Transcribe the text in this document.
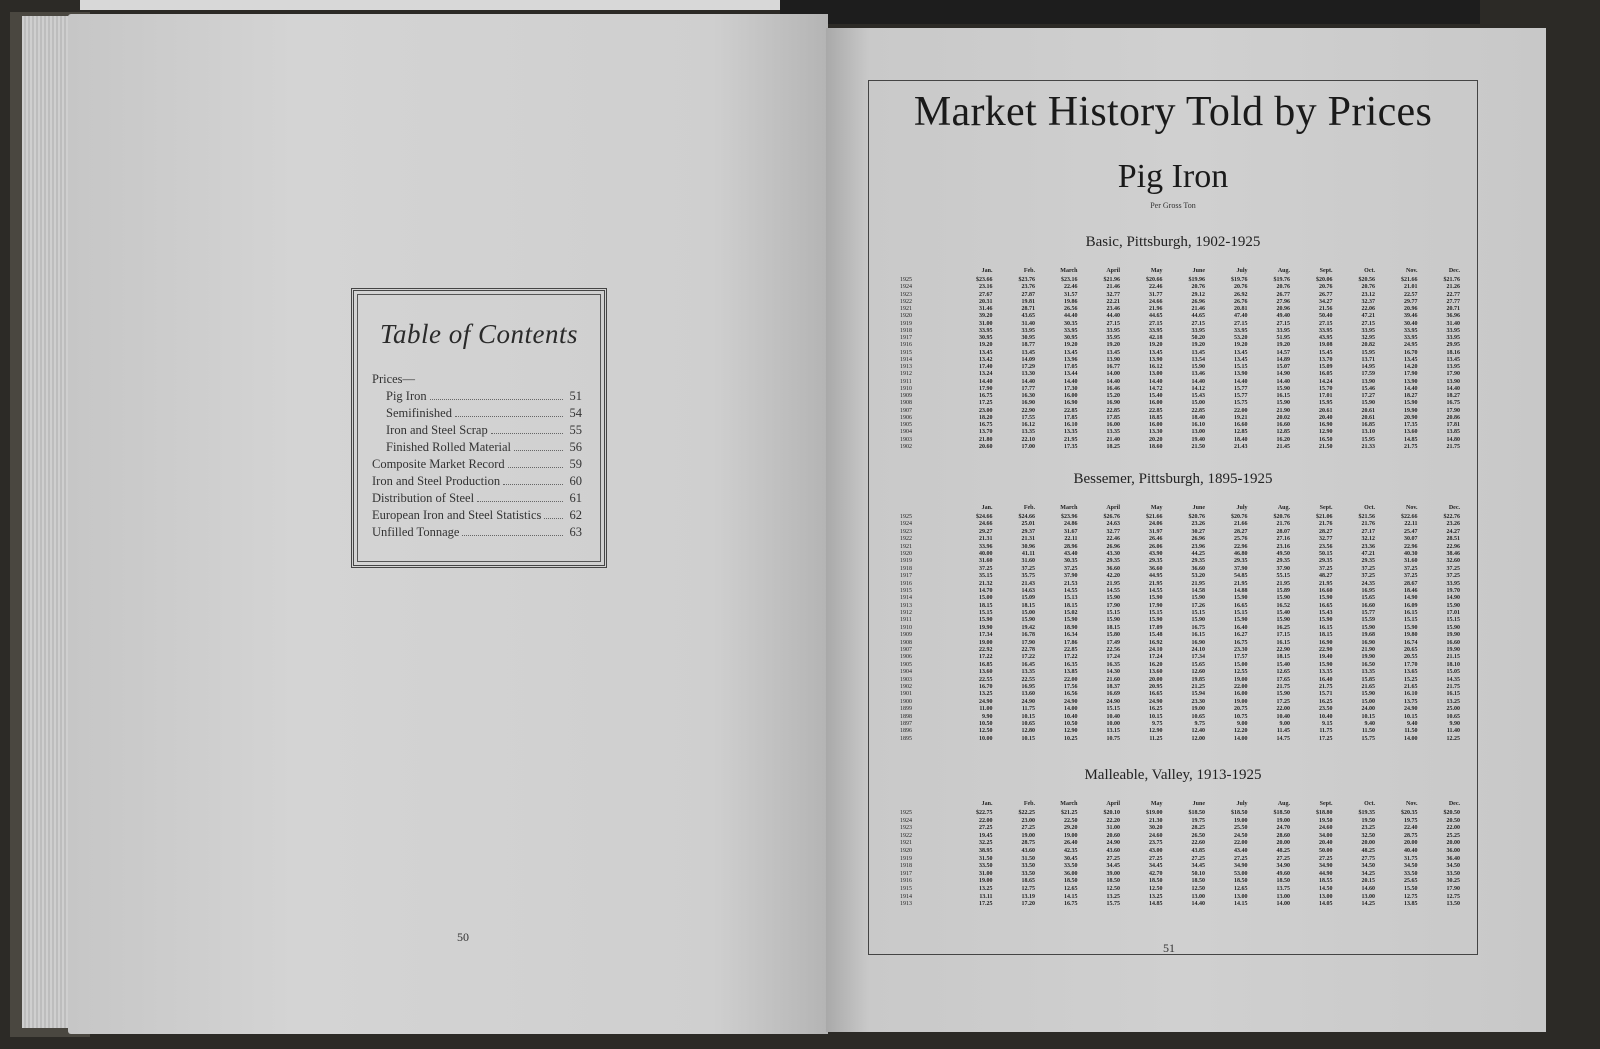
Table of Contents
Prices—
Pig Iron	51
Semifinished	54
Iron and Steel Scrap	55
Finished Rolled Material	56
Composite Market Record	59
Iron and Steel Production	60
Distribution of Steel	61
European Iron and Steel Statistics 62
Unfilled Tonnage	63
50
Market History Told by Prices
Pig Iron
Per Gross Ton
Basic, Pittsburgh, 1902-1925
Jan.	Feb.	March	April	May	June	July	Aug.	Sept.	Oct.	Nov.	Dec.
1925	$23.66	$23.76	$23.16	$21.96	$20.66	$19.96	$19.76	$19.76	$20.06	$20.56	$21.66	$21.76
1924	23.16	23.76	22.46	21.46	22.46	20.76	20.76	20.76	20.76	20.76	21.01	21.26
1923	27.67	27.87	31.57	32.77	31.77	29.12	26.92	26.77	26.77	23.12	22.57	22.77
1922	20.31	19.81	19.86	22.21	24.66	26.96	26.76	27.96	34.27	32.37	29.77	27.77
1921	31.46	28.71	26.56	23.46	21.96	21.46	20.81	20.96	21.56	22.06	20.96	20.71
1920	39.20	43.65	44.40	44.40	44.65	44.65	47.40	49.40	50.40	47.21	39.46	36.96
1919	31.00	31.40	30.35	27.15	27.15	27.15	27.15	27.15	27.15	27.15	30.40	31.40
1918	33.95	33.95	33.95	33.95	33.95	33.95	33.95	33.95	33.95	33.95	33.95	33.95
1917	30.95	30.95	30.95	35.95	42.18	50.20	53.20	51.95	43.95	32.95	33.95	33.95
1916	19.20	18.77	19.20	19.20	19.20	19.20	19.20	19.20	19.08	20.82	24.95	29.95
1915	13.45	13.45	13.45	13.45	13.45	13.45	13.45	14.57	15.45	15.95	16.70	18.16
1914	13.42	14.09	13.96	13.90	13.90	13.54	13.45	14.89	13.70	13.71	13.45	13.45
1913	17.40	17.29	17.05	16.77	16.12	15.90	15.15	15.07	15.09	14.95	14.20	13.95
1912	13.24	13.30	13.44	14.00	13.00	13.46	13.90	14.90	16.05	17.59	17.90	17.90
1911	14.40	14.40	14.40	14.40	14.40	14.40	14.40	14.40	14.24	13.90	13.90	13.90
1910	17.90	17.77	17.30	16.46	14.72	14.12	15.77	15.90	15.70	15.46	14.40	14.40
1909	16.75	16.30	16.00	15.20	15.40	15.43	15.77	16.15	17.01	17.27	18.27	18.27
1908	17.25	16.90	16.90	16.90	16.00	15.00	15.75	15.90	15.95	15.90	15.90	16.75
1907	23.00	22.90	22.85	22.85	22.85	22.85	22.00	21.90	20.61	20.61	19.90	17.90
1906	18.20	17.55	17.85	17.85	18.85	18.40	19.21	20.02	20.40	20.61	20.90	20.86
1905	16.75	16.12	16.10	16.00	16.00	16.10	16.60	16.60	16.90	16.85	17.35	17.81
1904	13.70	13.35	13.35	13.35	13.30	13.00	12.85	12.85	12.90	13.10	13.60	13.85
1903	21.80	22.10	21.95	21.40	20.20	19.40	18.40	16.20	16.50	15.95	14.85	14.80
1902	20.60	17.00	17.35	18.25	18.60	21.50	21.43	21.45	21.50	21.33	21.75	21.75
Bessemer, Pittsburgh, 1895-1925
Jan.	Feb.	March	April	May	June	July	Aug.	Sept.	Oct.	Nov.	Dec.
1925	$24.66	$24.66	$23.96	$26.76	$21.66	$20.76	$20.76	$20.76	$21.06	$21.56	$22.66	$22.76
1924	24.66	25.01	24.86	24.63	24.06	23.26	21.66	21.76	21.76	21.76	22.11	23.26
1923	29.27	29.37	31.67	32.77	31.97	30.27	28.27	28.07	28.27	27.17	25.47	24.27
1922	21.31	21.31	22.11	22.46	26.46	26.96	25.76	27.16	32.77	32.12	30.07	28.51
1921	33.96	30.96	28.96	26.96	26.06	23.96	22.96	23.16	23.56	23.36	22.96	22.96
1920	40.00	41.11	43.40	43.30	43.90	44.25	46.80	49.50	50.15	47.21	40.30	38.46
1919	31.60	31.60	30.35	29.35	29.35	29.35	29.35	29.35	29.35	29.35	31.60	32.60
1918	37.25	37.25	37.25	36.60	36.60	36.60	37.90	37.90	37.25	37.25	37.25	37.25
1917	35.15	35.75	37.90	42.20	44.95	53.20	54.85	55.15	48.27	37.25	37.25	37.25
1916	21.32	21.43	21.53	21.95	21.95	21.95	21.95	21.95	21.95	24.35	28.67	33.95
1915	14.70	14.63	14.55	14.55	14.55	14.58	14.88	15.89	16.60	16.95	18.46	19.70
1914	15.00	15.09	15.13	15.90	15.90	15.90	15.90	15.90	15.90	15.65	14.90	14.90
1913	18.15	18.15	18.15	17.90	17.90	17.26	16.65	16.52	16.65	16.60	16.09	15.90
1912	15.15	15.00	15.02	15.15	15.15	15.15	15.15	15.40	15.43	15.77	16.15	17.01
1911	15.90	15.90	15.90	15.90	15.90	15.90	15.90	15.90	15.90	15.59	15.15	15.15
1910	19.90	19.42	18.90	18.15	17.09	16.75	16.40	16.25	16.15	15.90	15.90	15.90
1909	17.34	16.78	16.34	15.80	15.48	16.15	16.27	17.15	18.15	19.68	19.80	19.90
1908	19.00	17.90	17.86	17.49	16.92	16.90	16.75	16.15	16.90	16.90	16.74	16.60
1907	22.92	22.78	22.85	22.56	24.10	24.10	23.30	22.90	22.90	21.90	20.65	19.90
1906	17.22	17.22	17.22	17.24	17.24	17.34	17.57	18.15	19.40	19.90	20.55	21.15
1905	16.85	16.45	16.35	16.35	16.20	15.65	15.00	15.40	15.90	16.50	17.70	18.10
1904	13.60	13.35	13.85	14.30	13.60	12.60	12.55	12.65	13.35	13.35	13.65	15.05
1903	22.55	22.55	22.00	21.60	20.00	19.85	19.00	17.65	16.40	15.85	15.25	14.35
1902	16.70	16.95	17.56	18.37	20.95	21.25	22.00	21.75	21.75	21.65	21.65	21.75
1901	13.25	13.60	16.56	16.69	16.65	15.94	16.00	15.90	15.71	15.90	16.10	16.15
1900	24.90	24.90	24.90	24.90	24.90	23.30	19.00	17.25	16.25	15.00	13.75	13.25
1899	11.00	11.75	14.00	15.15	16.25	19.00	20.75	22.00	23.50	24.00	24.90	25.00
1898	9.90	10.15	10.40	10.40	10.15	10.65	10.75	10.40	10.40	10.15	10.15	10.65
1897	10.50	10.65	10.50	10.00	9.75	9.75	9.00	9.00	9.15	9.40	9.40	9.90
1896	12.50	12.80	12.90	13.15	12.90	12.40	12.20	11.45	11.75	11.50	11.50	11.40
1895	10.00	10.15	10.25	10.75	11.25	12.00	14.00	14.75	17.25	15.75	14.00	12.25
Malleable, Valley, 1913-1925
Jan.	Feb.	March	April	May	June	July	Aug.	Sept.	Oct.	Nov.	Dec.
1925	$22.75	$22.25	$21.25	$20.10	$19.00	$18.50	$18.50	$18.50	$18.80	$19.35	$20.35	$20.50
1924	22.00	23.00	22.50	22.20	21.30	19.75	19.00	19.00	19.50	19.50	19.75	20.50
1923	27.25	27.25	29.20	31.00	30.20	28.25	25.50	24.70	24.60	23.25	22.40	22.00
1922	19.45	19.00	19.00	20.60	24.60	26.50	24.50	28.60	34.00	32.50	28.75	25.25
1921	32.25	28.75	26.40	24.90	23.75	22.60	22.00	20.00	20.40	20.00	20.00	20.00
1920	38.95	43.60	42.35	43.60	43.00	43.85	43.40	48.25	50.00	48.25	40.40	36.00
1919	31.50	31.50	30.45	27.25	27.25	27.25	27.25	27.25	27.25	27.75	31.75	36.40
1918	33.50	33.50	33.50	34.45	34.45	34.45	34.90	34.90	34.90	34.50	34.50	34.50
1917	31.00	33.50	36.00	39.00	42.70	50.10	53.00	49.60	44.90	34.25	33.50	33.50
1916	19.00	18.65	18.50	18.50	18.50	18.50	18.50	18.50	18.55	20.15	25.65	30.25
1915	13.25	12.75	12.65	12.50	12.50	12.50	12.65	13.75	14.50	14.60	15.50	17.90
1914	13.11	13.19	14.15	13.25	13.25	13.00	13.00	13.00	13.00	13.00	12.75	12.75
1913	17.25	17.20	16.75	15.75	14.85	14.40	14.15	14.00	14.05	14.25	13.85	13.50
51
